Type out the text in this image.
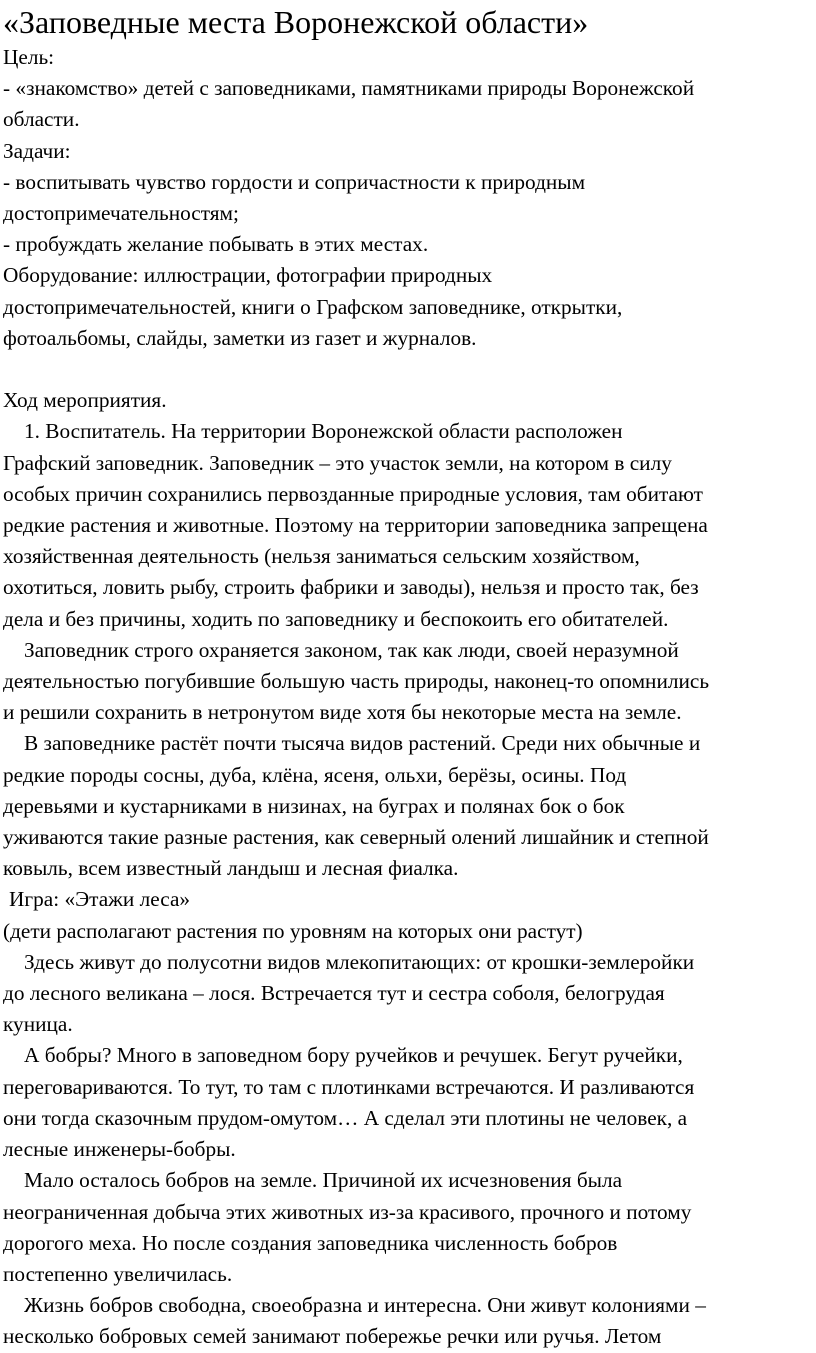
«Заповедные места Воронежской области»

Цель:

- «знакомство» детей с заповедниками, памятниками природы Воронежской

области.

Задачи:

- воспитывать чувство гордости и сопричастности к природным

достопримечательностям;

- пробуждать желание побывать в этих местах.

Оборудование: иллюстрации, фотографии природных

достопримечательностей, книги о Графском заповеднике, открытки,

фотоальбомы, слайды, заметки из газет и журналов.

Ход мероприятия.

1. Воспитатель. На территории Воронежской области расположен

Графский заповедник. Заповедник – это участок земли, на котором в силу

особых причин сохранились первозданные природные условия, там обитают

редкие растения и животные. Поэтому на территории заповедника запрещена

хозяйственная деятельность (нельзя заниматься сельским хозяйством,

охотиться, ловить рыбу, строить фабрики и заводы), нельзя и просто так, без

дела и без причины, ходить по заповеднику и беспокоить его обитателей.

Заповедник строго охраняется законом, так как люди, своей неразумной

деятельностью погубившие большую часть природы, наконец-то опомнились

и решили сохранить в нетронутом виде хотя бы некоторые места на земле.

В заповеднике растёт почти тысяча видов растений. Среди них обычные и

редкие породы сосны, дуба, клёна, ясеня, ольхи, берёзы, осины. Под

деревьями и кустарниками в низинах, на буграх и полянах бок о бок

уживаются такие разные растения, как северный олений лишайник и степной

ковыль, всем известный ландыш и лесная фиалка.

Игра: «Этажи леса»

(дети располагают растения по уровням на которых они растут)

Здесь живут до полусотни видов млекопитающих: от крошки-землеройки

до лесного великана – лося. Встречается тут и сестра соболя, белогрудая

куница.

А бобры? Много в заповедном бору ручейков и речушек. Бегут ручейки,

переговариваются. То тут, то там с плотинками встречаются. И разливаются

они тогда сказочным прудом-омутом… А сделал эти плотины не человек, а

лесные инженеры-бобры.

Мало осталось бобров на земле. Причиной их исчезновения была

неограниченная добыча этих животных из-за красивого, прочного и потому

дорогого меха. Но после создания заповедника численность бобров

постепенно увеличилась.

Жизнь бобров свободна, своеобразна и интересна. Они живут колониями –

несколько бобровых семей занимают побережье речки или ручья. Летом
